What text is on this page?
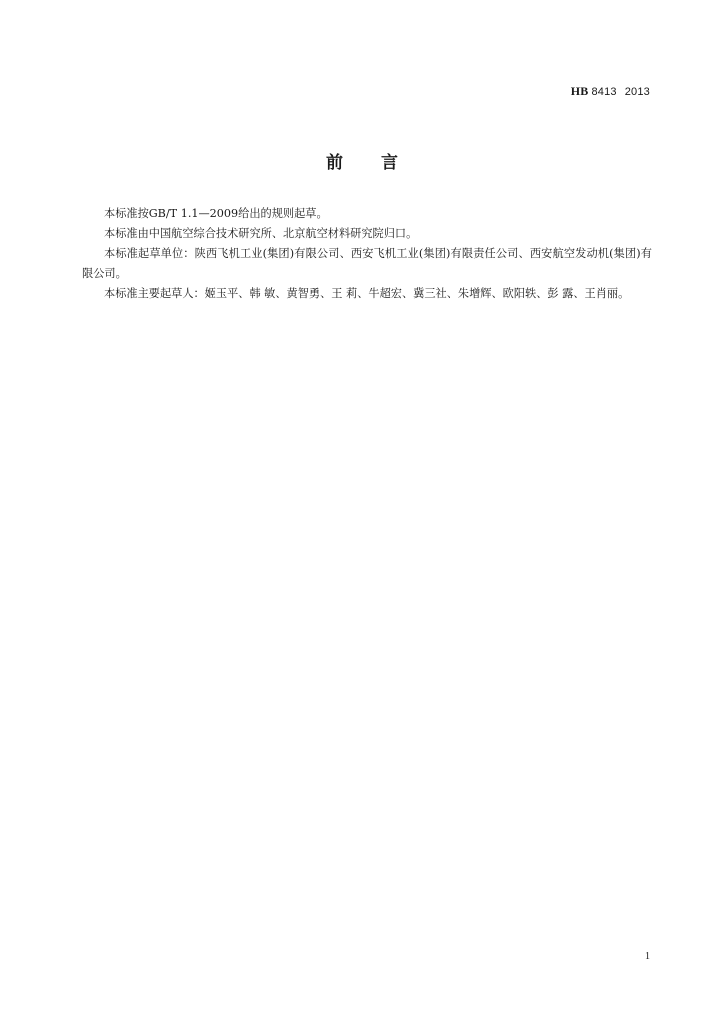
HB 8413 2013
前 言

本标准按GB/T 1.1—2009给出的规则起草。

本标准由中国航空综合技术研究所、北京航空材料研究院归口。

本标准起草单位：陕西飞机工业(集团)有限公司、西安飞机工业(集团)有限责任公司、西安航空发动机(集团)有限公司。

本标准主要起草人：姬玉平、韩 敏、黄智勇、王 莉、牛超宏、冀三社、朱增辉、欧阳轶、彭 露、王肖丽。

1
